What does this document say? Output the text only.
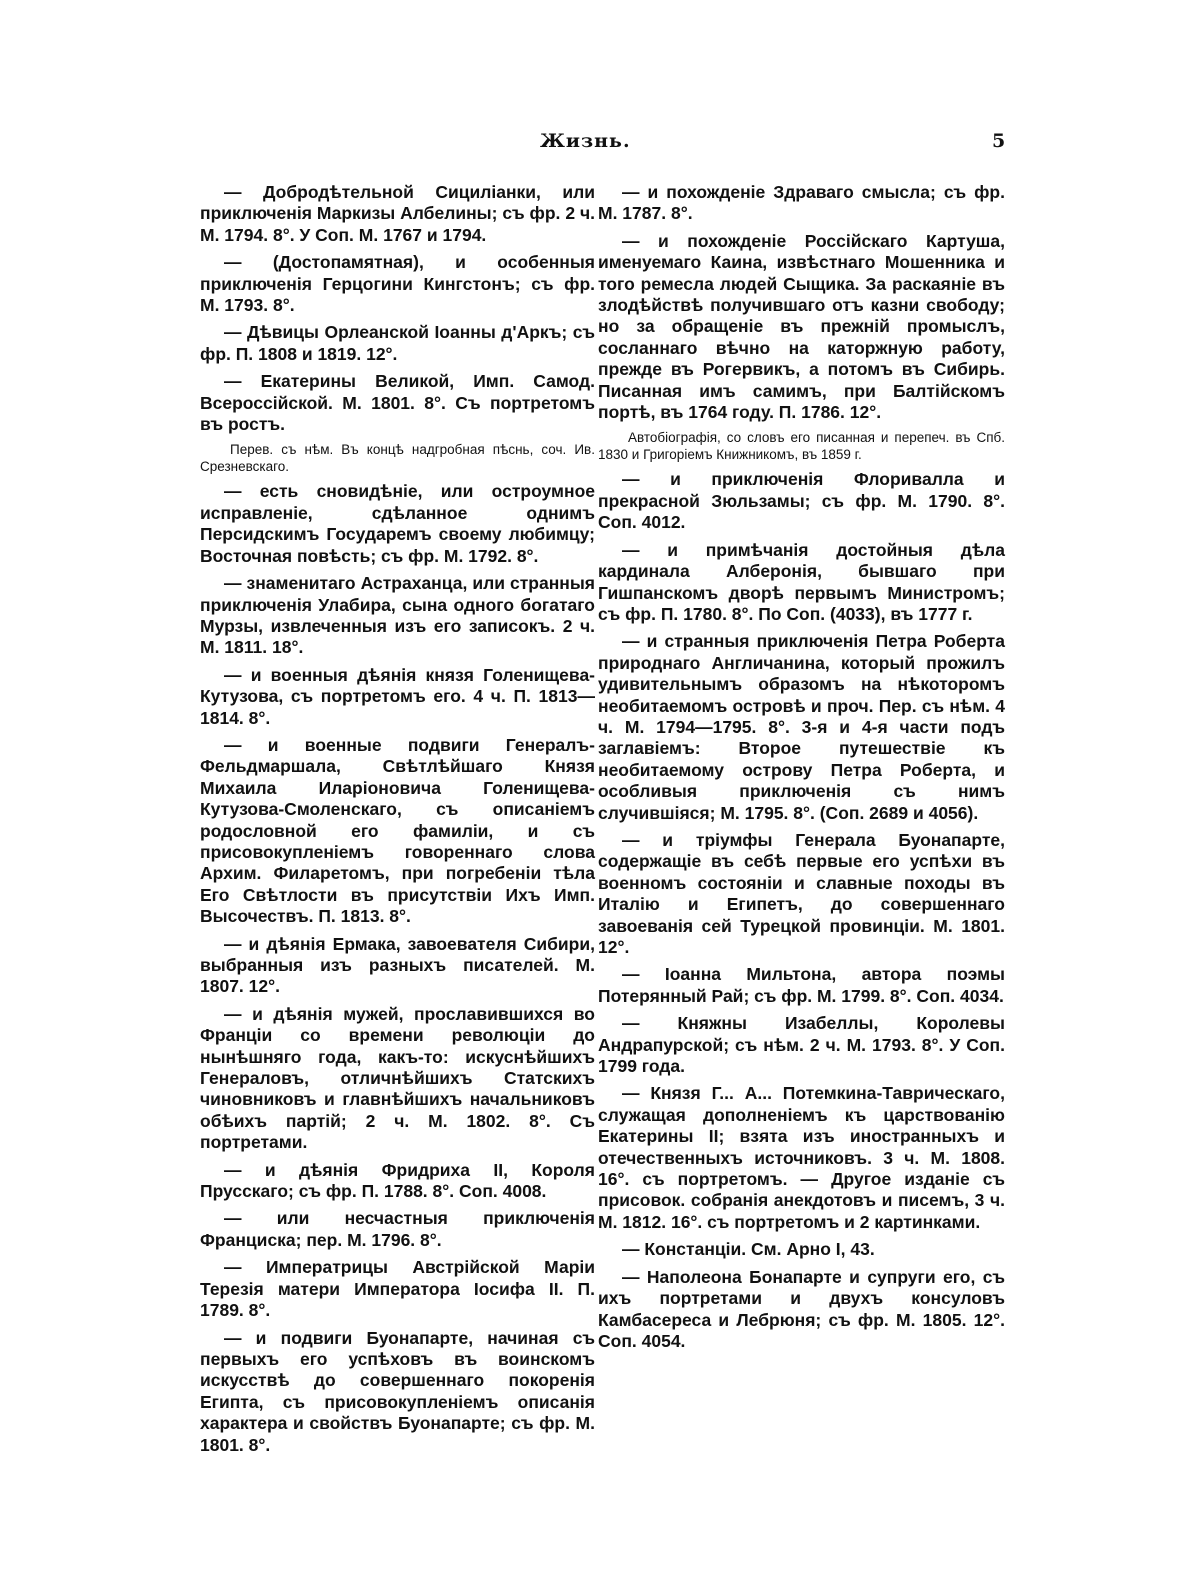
Жизнь.	5

— Добродѣтельной Сициліанки, или приключенія Маркизы Албелины; съ фр. 2 ч. М. 1794. 8°. У Соп. М. 1767 и 1794.

— (Достопамятная), и особенныя приключенія Герцогини Кингстонъ; съ фр. М. 1793. 8°.

— Дѣвицы Орлеанской Іоанны д'Аркъ; съ фр. П. 1808 и 1819. 12°.

— Екатерины Великой, Имп. Самод. Всероссійской. М. 1801. 8°. Съ портретомъ въ ростъ.

Перев. съ нѣм. Въ концѣ надгробная пѣснь, соч. Ив. Срезневскаго.

— есть сновидѣніе, или остроумное исправленіе, сдѣланное однимъ Персидскимъ Государемъ своему любимцу; Восточная повѣсть; съ фр. М. 1792. 8°.

— знаменитаго Астраханца, или странныя приключенія Улабира, сына одного богатаго Мурзы, извлеченныя изъ его записокъ. 2 ч. М. 1811. 18°.

— и военныя дѣянія князя Голенищева-Кутузова, съ портретомъ его. 4 ч. П. 1813—1814. 8°.

— и военные подвиги Генералъ-Фельдмаршала, Свѣтлѣйшаго Князя Михаила Иларіоновича Голенищева-Кутузова-Смоленскаго, съ описаніемъ родословной его фамиліи, и съ присовокупленіемъ говореннаго слова Архим. Филаретомъ, при погребеніи тѣла Его Свѣтлости въ присутствіи Ихъ Имп. Высочествъ. П. 1813. 8°.

— и дѣянія Ермака, завоевателя Сибири, выбранныя изъ разныхъ писателей. М. 1807. 12°.

— и дѣянія мужей, прославившихся во Франціи со времени революціи до нынѣшняго года, какъ-то: искуснѣйшихъ Генераловъ, отличнѣйшихъ Статскихъ чиновниковъ и главнѣйшихъ начальниковъ обѣихъ партій; 2 ч. М. 1802. 8°. Съ портретами.

— и дѣянія Фридриха II, Короля Прусскаго; съ фр. П. 1788. 8°. Соп. 4008.

— или несчастныя приключенія Франциска; пер. М. 1796. 8°.

— Императрицы Австрійской Маріи Терезія матери Императора Іосифа II. П. 1789. 8°.

— и подвиги Буонапарте, начиная съ первыхъ его успѣховъ въ воинскомъ искусствѣ до совершеннаго покоренія Египта, съ присовокупленіемъ описанія характера и свойствъ Буонапарте; съ фр. М. 1801. 8°.

— и похожденіе Здраваго смысла; съ фр. М. 1787. 8°.

— и похожденіе Россійскаго Картуша, именуемаго Каина, извѣстнаго Мошенника и того ремесла людей Сыщика. За раскаяніе въ злодѣйствѣ получившаго отъ казни свободу; но за обращеніе въ прежній промыслъ, сосланнаго вѣчно на каторжную работу, прежде въ Рогервикъ, а потомъ въ Сибирь. Писанная имъ самимъ, при Балтійскомъ портѣ, въ 1764 году. П. 1786. 12°.

Автобіографія, со словъ его писанная и перепеч. въ Спб. 1830 и Григоріемъ Книжникомъ, въ 1859 г.

— и приключенія Флоривалла и прекрасной Зюльзамы; съ фр. М. 1790. 8°. Соп. 4012.

— и примѣчанія достойныя дѣла кардинала Алберонія, бывшаго при Гишпанскомъ дворѣ первымъ Министромъ; съ фр. П. 1780. 8°. По Соп. (4033), въ 1777 г.

— и странныя приключенія Петра Роберта природнаго Англичанина, который прожилъ удивительнымъ образомъ на нѣкоторомъ необитаемомъ островѣ и проч. Пер. съ нѣм. 4 ч. М. 1794—1795. 8°. 3-я и 4-я части подъ заглавіемъ: Второе путешествіе къ необитаемому острову Петра Роберта, и особливыя приключенія съ нимъ случившіяся; М. 1795. 8°. (Соп. 2689 и 4056).

— и тріумфы Генерала Буонапарте, содержащіе въ себѣ первые его успѣхи въ военномъ состояніи и славные походы въ Италію и Египетъ, до совершеннаго завоеванія сей Турецкой провинціи. М. 1801. 12°.

— Іоанна Мильтона, автора поэмы Потерянный Рай; съ фр. М. 1799. 8°. Соп. 4034.

— Княжны Изабеллы, Королевы Андрапурской; съ нѣм. 2 ч. М. 1793. 8°. У Соп. 1799 года.

— Князя Г... А... Потемкина-Таврическаго, служащая дополненіемъ къ царствованію Екатерины II; взята изъ иностранныхъ и отечественныхъ источниковъ. 3 ч. М. 1808. 16°. съ портретомъ. — Другое изданіе съ присовок. собранія анекдотовъ и писемъ, 3 ч. М. 1812. 16°. съ портретомъ и 2 картинками.

— Констанціи. См. Арно I, 43.

— Наполеона Бонапарте и супруги его, съ ихъ портретами и двухъ консуловъ Камбасереса и Лебрюня; съ фр. М. 1805. 12°. Соп. 4054.
